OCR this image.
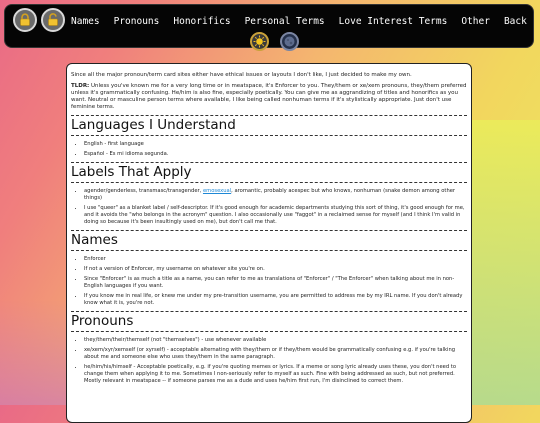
Names Pronouns Honorifics Personal Terms Love Interest Terms Other Back

Since all the major pronoun/term card sites either have ethical issues or layouts I don't like, I just decided to make my own.

TLDR: Unless you've known me for a very long time or in meatspace, it's Enforcer to you. They/them or xe/xem pronouns, they/them preferred unless it's grammatically confusing. He/him is also fine, especially poetically. You can give me as aggrandizing of titles and honorifics as you want. Neutral or masculine person terms where available, I like being called nonhuman terms if it's stylistically appropriate. Just don't use feminine terms.

Languages I Understand
• English - first language
• Español - Es mi idioma segunda.
Labels That Apply
• agender/genderless, transmasc/transgender, emosexual, aromantic, probably acespec but who knows, nonhuman (snake demon among other things)
• I use "queer" as a blanket label / self-descriptor. If it's good enough for academic departments studying this sort of thing, it's good enough for me, and it avoids the "who belongs in the acronym" question. I also occasionally use "faggot" in a reclaimed sense for myself (and I think I'm valid in doing so because it's been insultingly used on me), but don't call me that.
Names
• Enforcer
• If not a version of Enforcer, my username on whatever site you're on.
• Since "Enforcer" is as much a title as a name, you can refer to me as translations of "Enforcer" / "The Enforcer" when talking about me in non-English languages if you want.
• If you know me in real life, or knew me under my pre-transition username, you are permitted to address me by my IRL name. If you don't already know what it is, you're not.
Pronouns
• they/them/their/themself (not "themselves") - use whenever available
• xe/xem/xyr/xemself (or xyrself) - acceptable alternating with they/them or if they/them would be grammatically confusing e.g. if you're talking about me and someone else who uses they/them in the same paragraph.
• he/him/his/himself - Acceptable poetically, e.g. if you're quoting memes or lyrics. If a meme or song lyric already uses these, you don't need to change them when applying it to me. Sometimes I non-seriously refer to myself as such. Fine with being addressed as such, but not preferred. Mostly relevant in meatspace -- if someone parses me as a dude and uses he/him first run, I'm disinclined to correct them.
